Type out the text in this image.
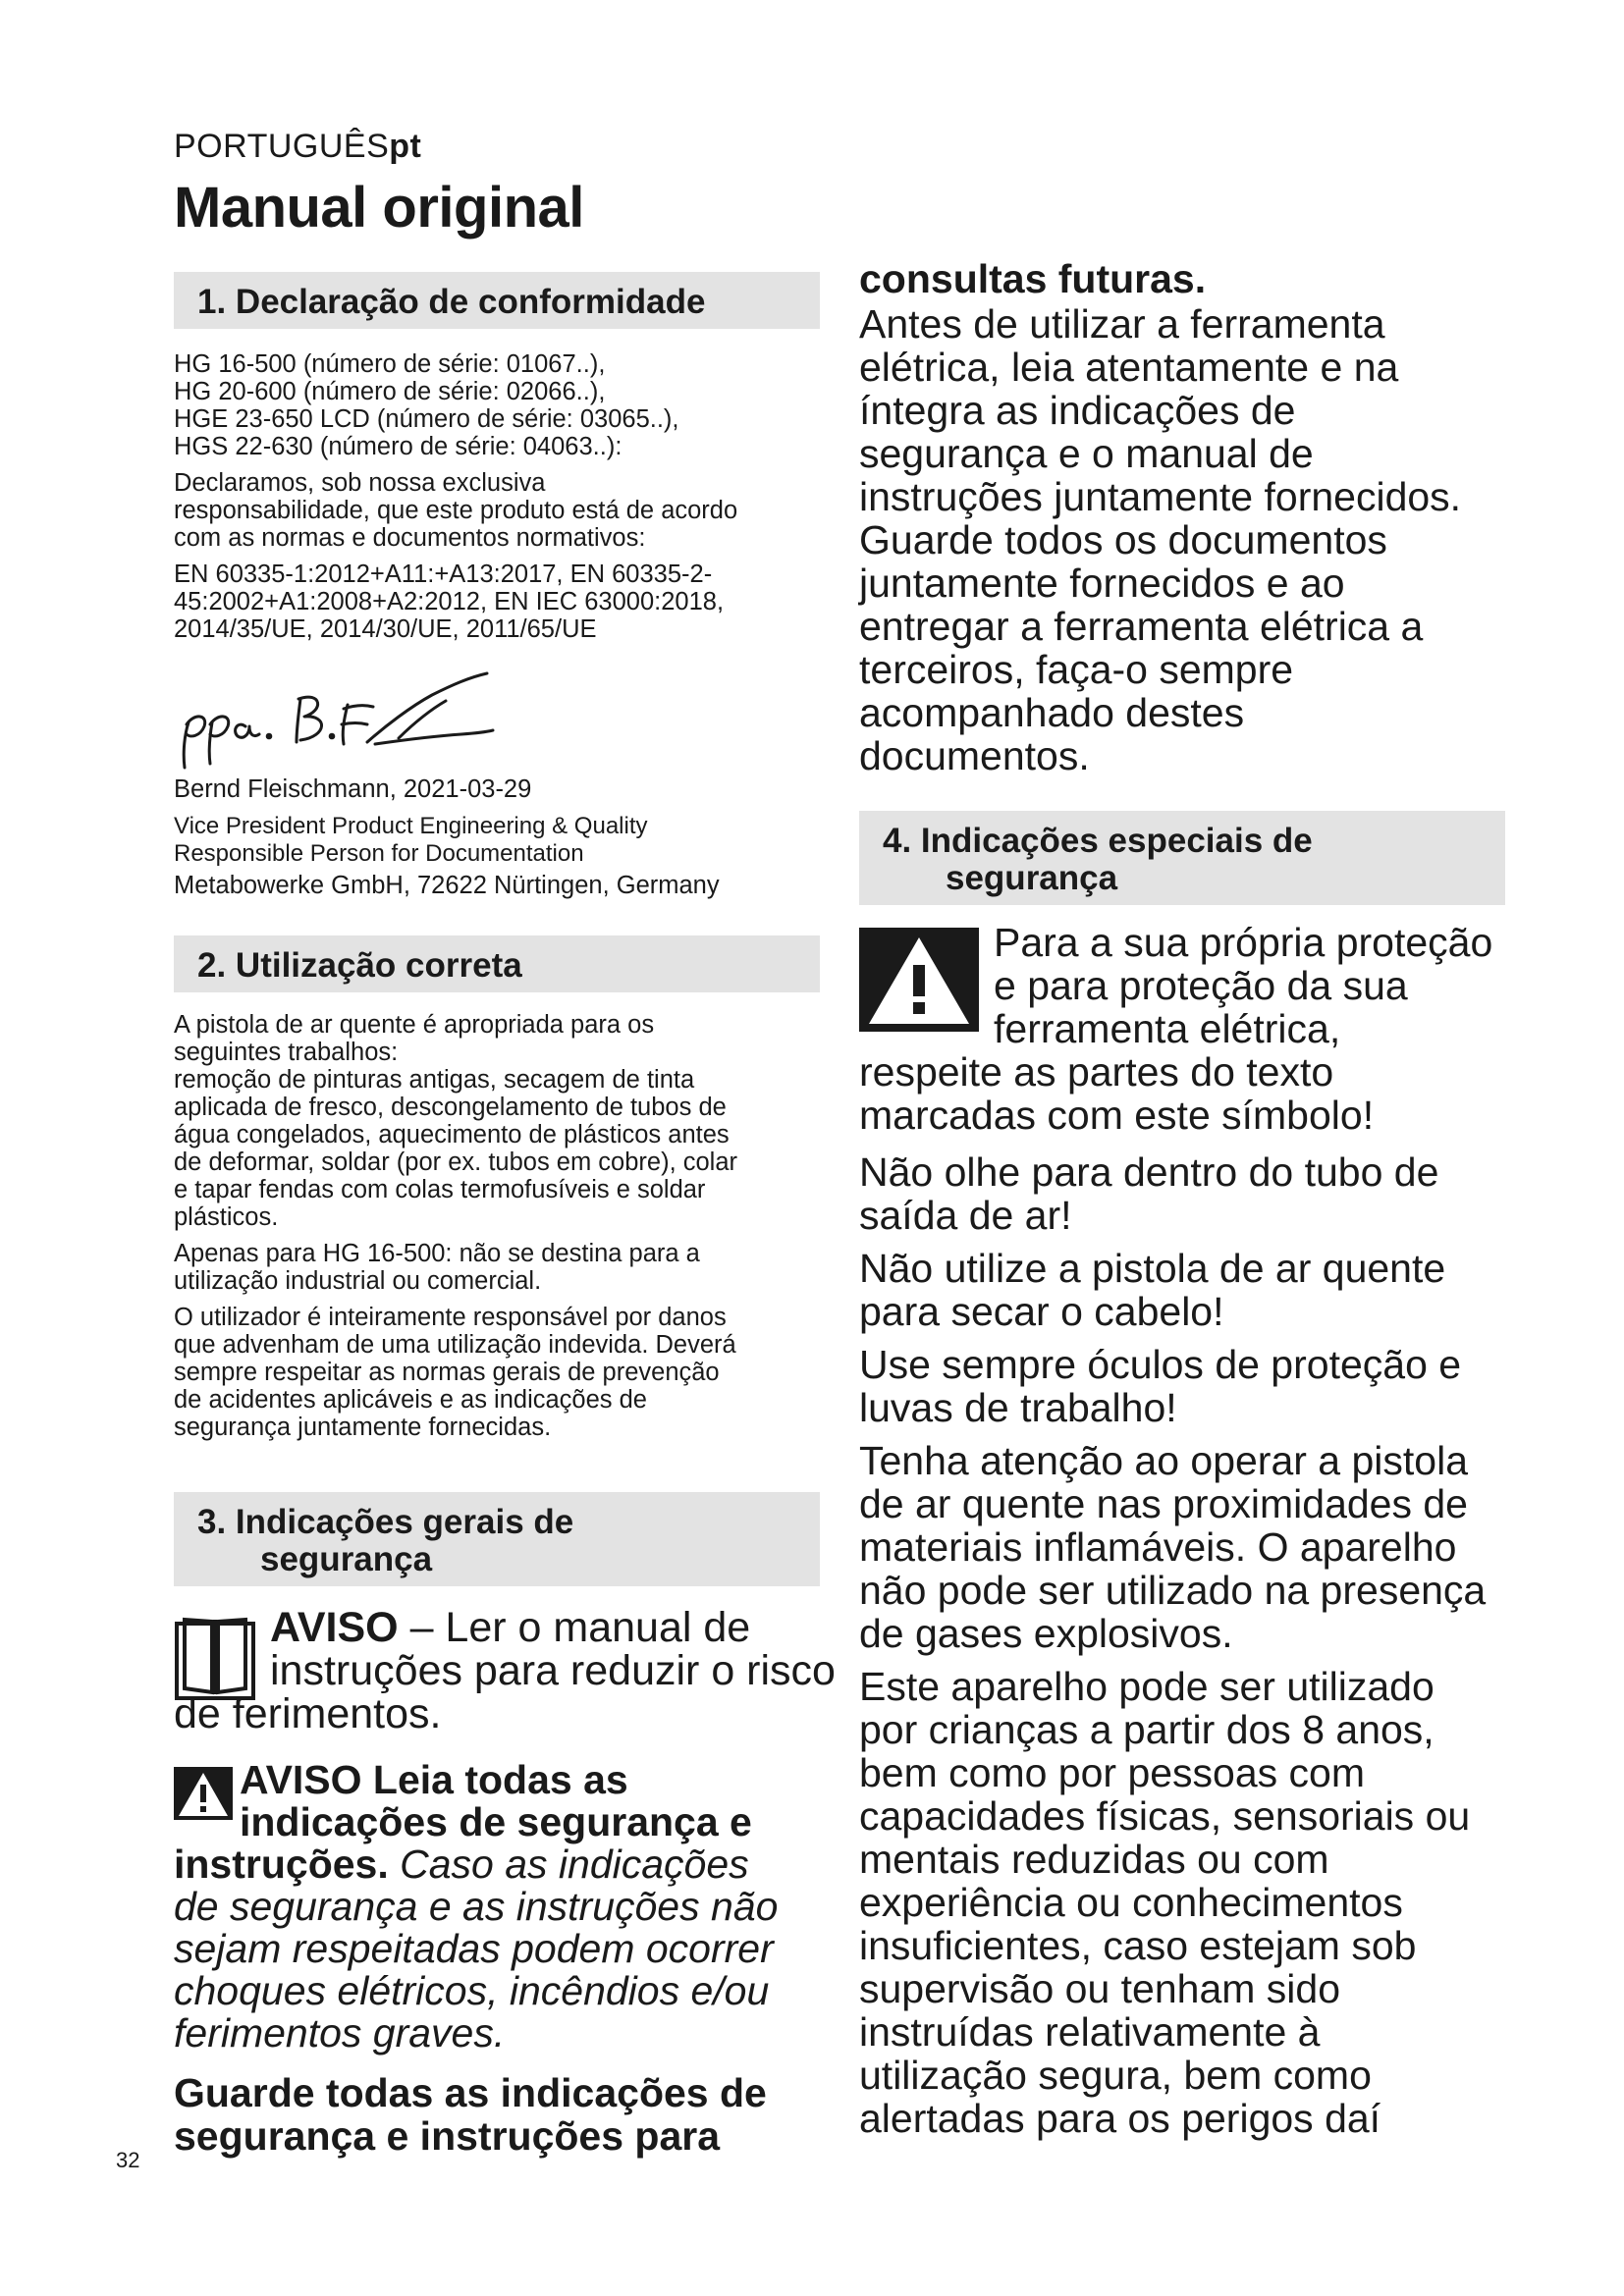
PORTUGUÊSpt
Manual original
1. Declaração de conformidade

HG 16-500 (número de série: 01067..),
HG 20-600 (número de série: 02066..),
HGE 23-650 LCD (número de série: 03065..),
HGS 22-630 (número de série: 04063..):

Declaramos, sob nossa exclusiva
responsabilidade, que este produto está de acordo
com as normas e documentos normativos:

EN 60335-1:2012+A11:+A13:2017, EN 60335-2-
45:2002+A1:2008+A2:2012, EN IEC 63000:2018,
2014/35/UE, 2014/30/UE, 2011/65/UE

Bernd Fleischmann, 2021-03-29
Vice President Product Engineering & Quality
Responsible Person for Documentation
Metabowerke GmbH, 72622 Nürtingen, Germany
2. Utilização correta

A pistola de ar quente é apropriada para os
seguintes trabalhos:
remoção de pinturas antigas, secagem de tinta
aplicada de fresco, descongelamento de tubos de
água congelados, aquecimento de plásticos antes
de deformar, soldar (por ex. tubos em cobre), colar
e tapar fendas com colas termofusíveis e soldar
plásticos.

Apenas para HG 16-500: não se destina para a
utilização industrial ou comercial.

O utilizador é inteiramente responsável por danos
que advenham de uma utilização indevida. Deverá
sempre respeitar as normas gerais de prevenção
de acidentes aplicáveis e as indicações de
segurança juntamente fornecidas.

3. Indicações gerais de
segurança
AVISO – Ler o manual de
instruções para reduzir o risco
de ferimentos.
AVISO Leia todas as
indicações de segurança e
instruções. Caso as indicações
de segurança e as instruções não
sejam respeitadas podem ocorrer
choques elétricos, incêndios e/ou
ferimentos graves.
Guarde todas as indicações de
segurança e instruções para
32
consultas futuras.
Antes de utilizar a ferramenta
elétrica, leia atentamente e na
íntegra as indicações de
segurança e o manual de
instruções juntamente fornecidos.
Guarde todos os documentos
juntamente fornecidos e ao
entregar a ferramenta elétrica a
terceiros, faça-o sempre
acompanhado destes
documentos.
4. Indicações especiais de
segurança
Para a sua própria proteção
e para proteção da sua
ferramenta elétrica,
respeite as partes do texto
marcadas com este símbolo!

Não olhe para dentro do tubo de
saída de ar!

Não utilize a pistola de ar quente
para secar o cabelo!

Use sempre óculos de proteção e
luvas de trabalho!

Tenha atenção ao operar a pistola
de ar quente nas proximidades de
materiais inflamáveis. O aparelho
não pode ser utilizado na presença
de gases explosivos.

Este aparelho pode ser utilizado
por crianças a partir dos 8 anos,
bem como por pessoas com
capacidades físicas, sensoriais ou
mentais reduzidas ou com
experiência ou conhecimentos
insuficientes, caso estejam sob
supervisão ou tenham sido
instruídas relativamente à
utilização segura, bem como
alertadas para os perigos daí
